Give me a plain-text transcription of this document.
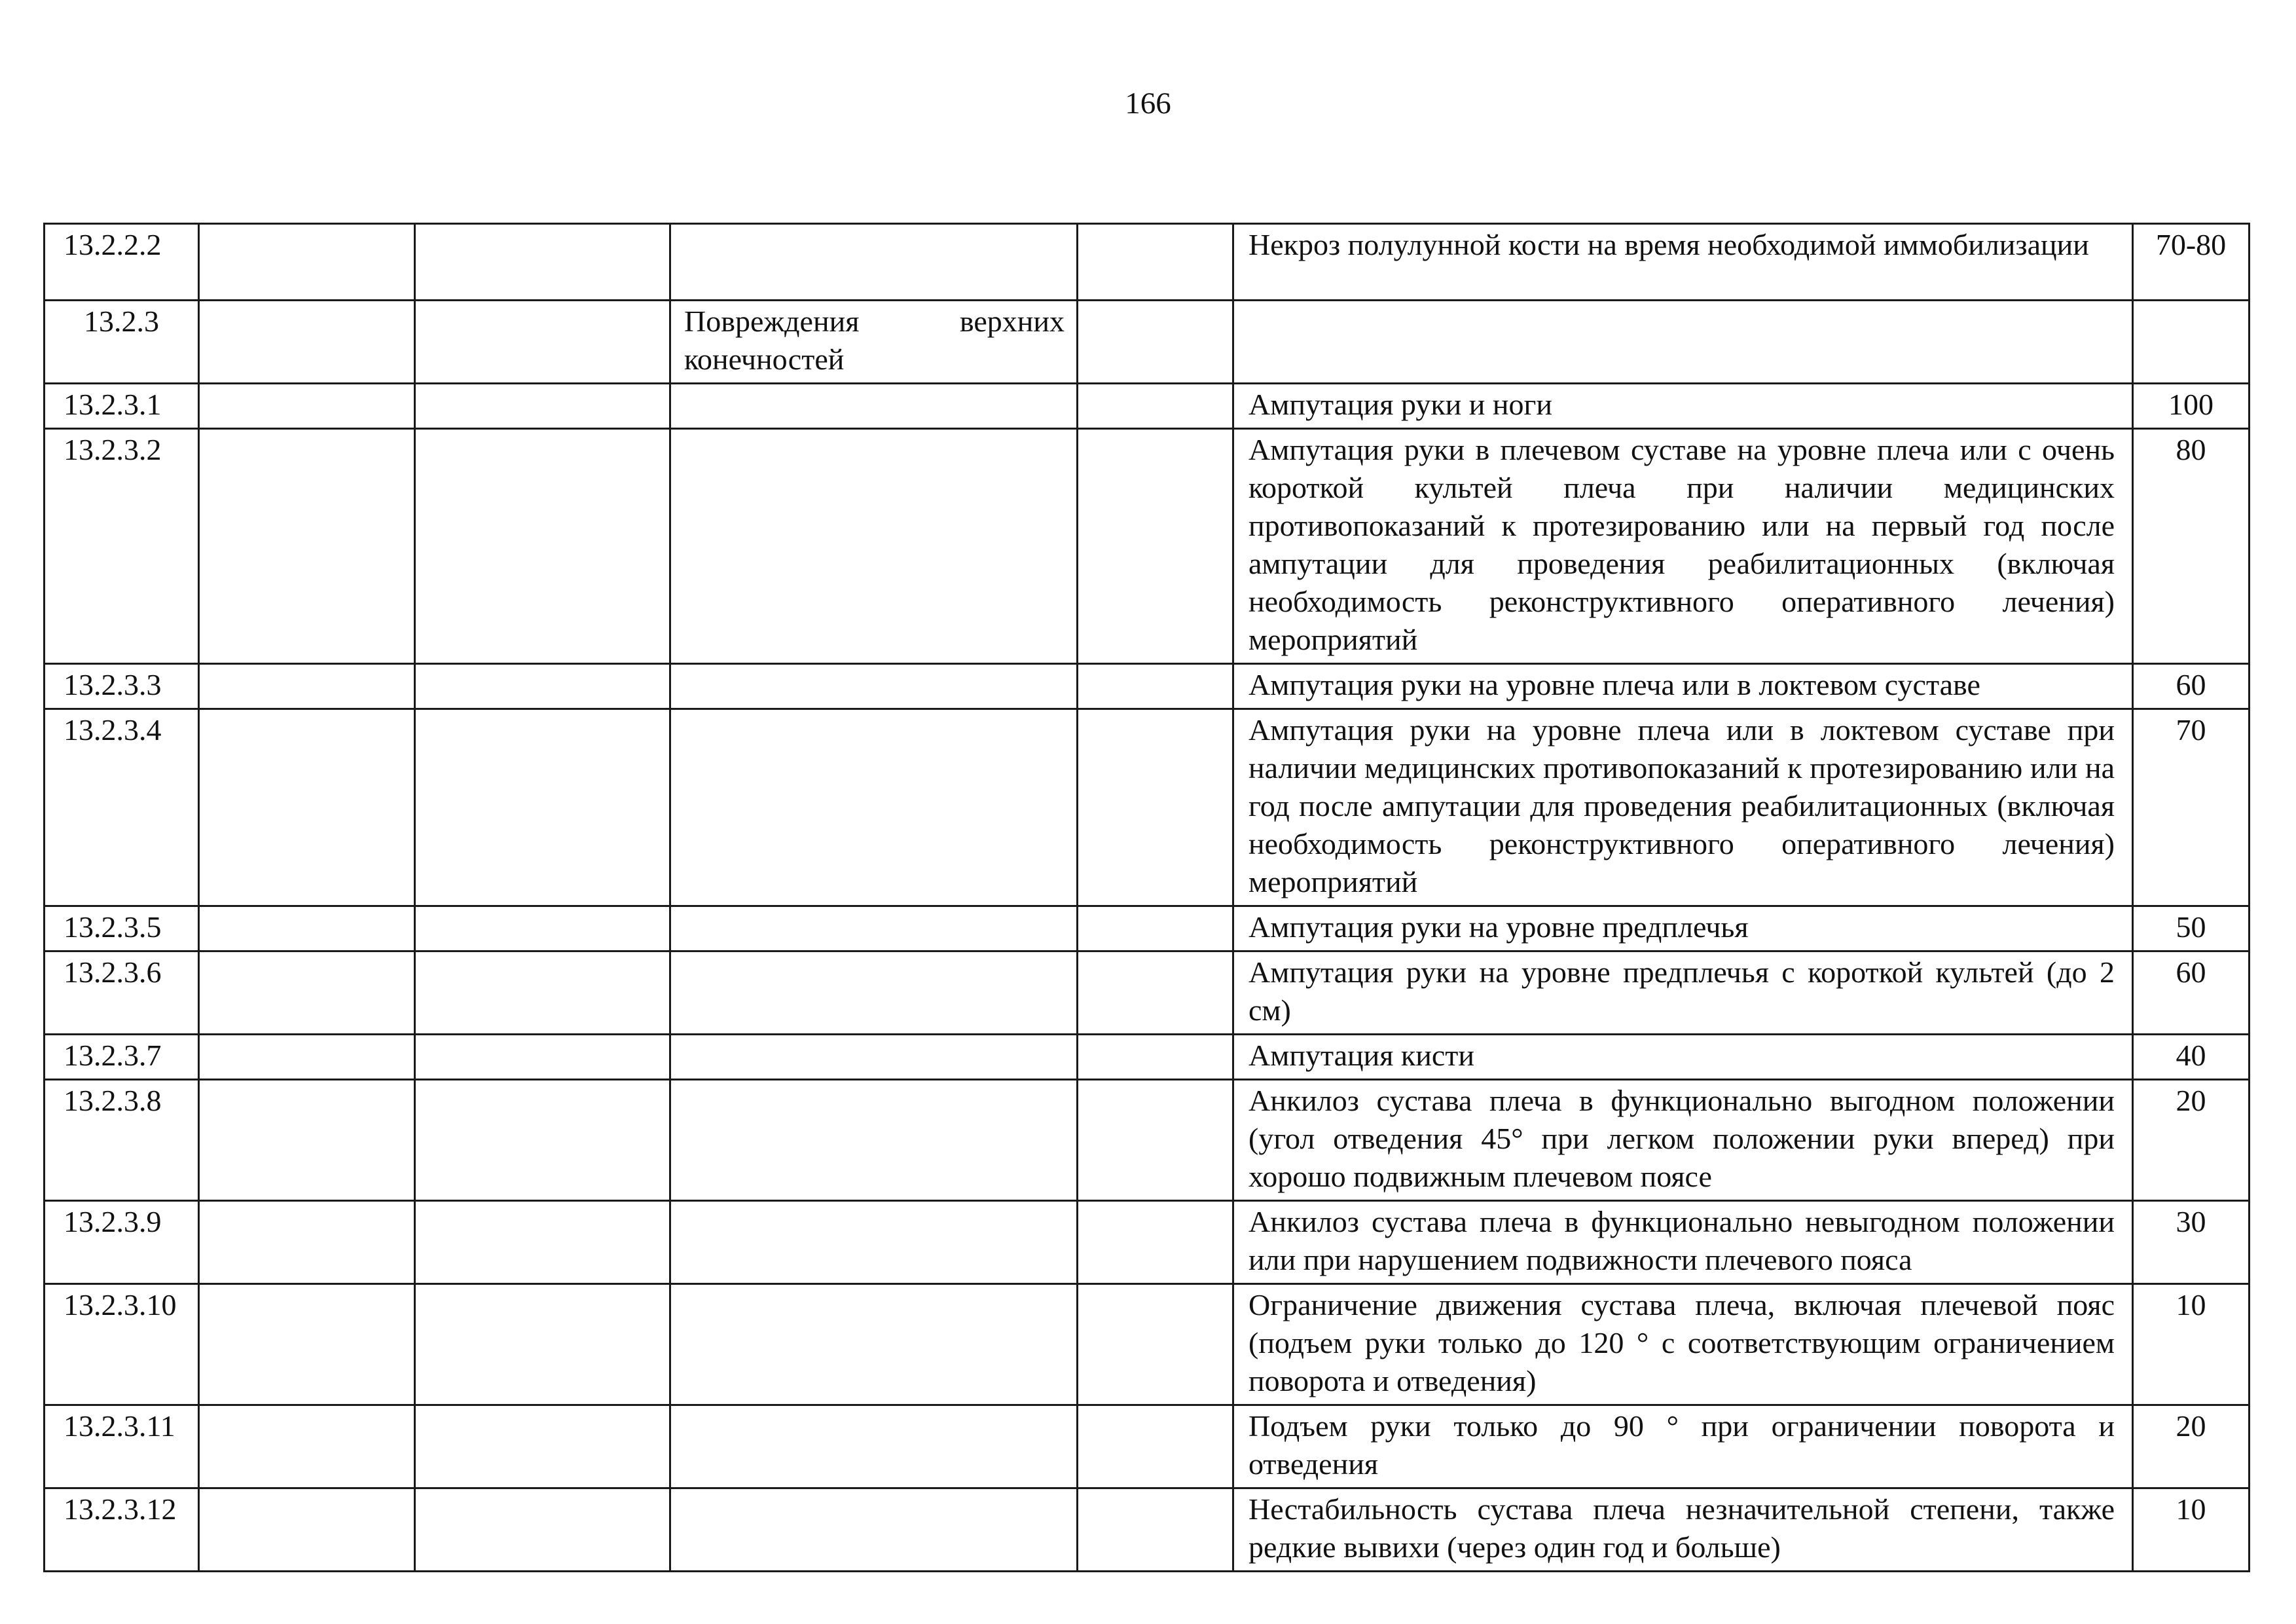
166
13.2.2.2					Некроз полулунной кости на время необходимой иммобилизации	70-80
13.2.3			Повреждения верхних конечностей			
13.2.3.1					Ампутация руки и ноги	100
13.2.3.2					Ампутация руки в плечевом суставе на уровне плеча или с очень короткой культей плеча при наличии медицинских противопоказаний к протезированию или на первый год после ампутации для проведения реабилитационных (включая необходимость реконструктивного оперативного лечения) мероприятий	80
13.2.3.3					Ампутация руки на уровне плеча или в локтевом суставе	60
13.2.3.4					Ампутация руки на уровне плеча или в локтевом суставе при наличии медицинских противопоказаний к протезированию или на год после ампутации для проведения реабилитационных (включая необходимость реконструктивного оперативного лечения) мероприятий	70
13.2.3.5					Ампутация руки на уровне предплечья	50
13.2.3.6					Ампутация руки на уровне предплечья с короткой культей (до 2 см)	60
13.2.3.7					Ампутация кисти	40
13.2.3.8					Анкилоз сустава плеча в функционально выгодном положении (угол отведения 45° при легком положении руки вперед) при хорошо подвижным плечевом поясе	20
13.2.3.9					Анкилоз сустава плеча в функционально невыгодном положении или при нарушением подвижности плечевого пояса	30
13.2.3.10					Ограничение движения сустава плеча, включая плечевой пояс (подъем руки только до 120 ° с соответствующим ограничением поворота и отведения)	10
13.2.3.11					Подъем руки только до 90 ° при ограничении поворота и отведения	20
13.2.3.12					Нестабильность сустава плеча незначительной степени, также редкие вывихи (через один год и больше)	10
